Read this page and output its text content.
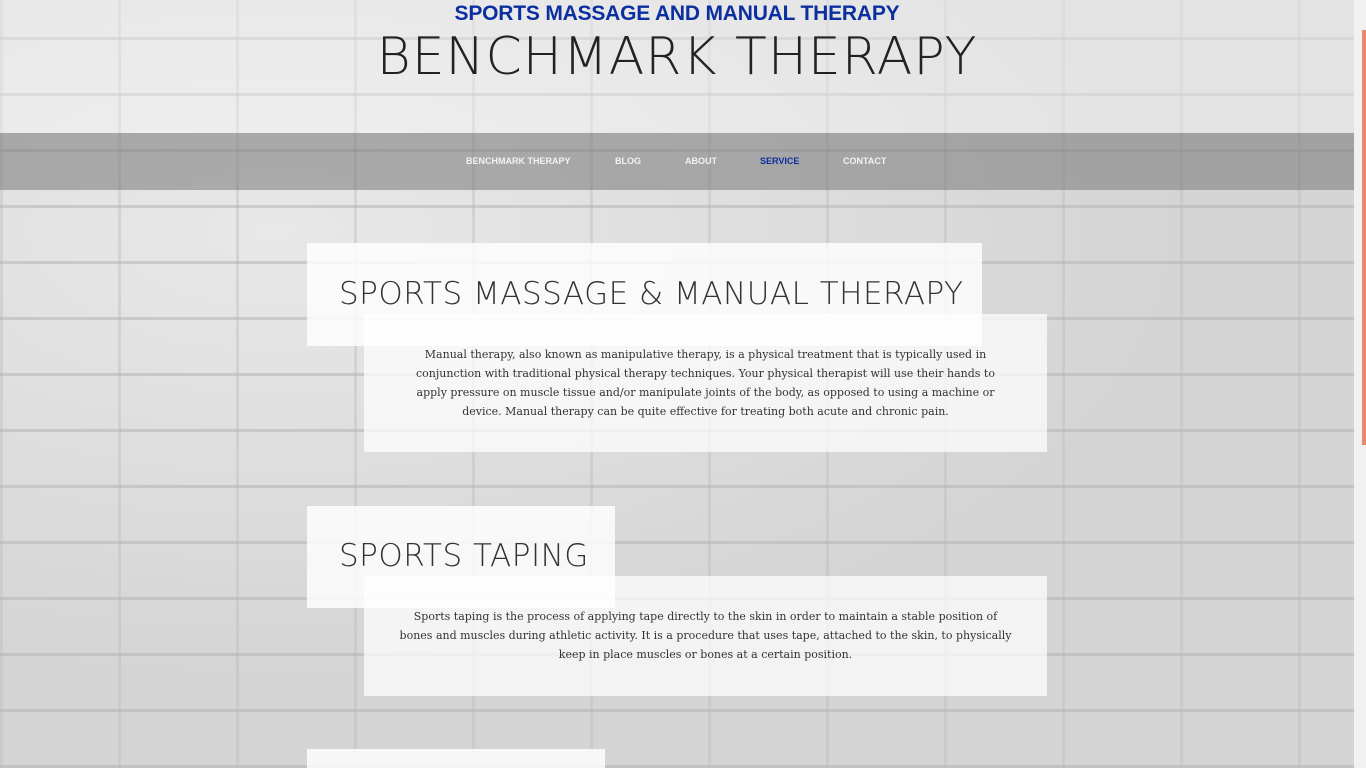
SPORTS MASSAGE AND MANUAL THERAPY
BENCHMARK THERAPY
BENCHMARK THERAPY	BLOG	ABOUT	SERVICE	CONTACT
SPORTS MASSAGE & MANUAL THERAPY

Manual therapy, also known as manipulative therapy, is a physical treatment that is typically used in conjunction with traditional physical therapy techniques. Your physical therapist will use their hands to apply pressure on muscle tissue and/or manipulate joints of the body, as opposed to using a machine or device. Manual therapy can be quite effective for treating both acute and chronic pain.

SPORTS TAPING

Sports taping is the process of applying tape directly to the skin in order to maintain a stable position of bones and muscles during athletic activity. It is a procedure that uses tape, attached to the skin, to physically keep in place muscles or bones at a certain position.
